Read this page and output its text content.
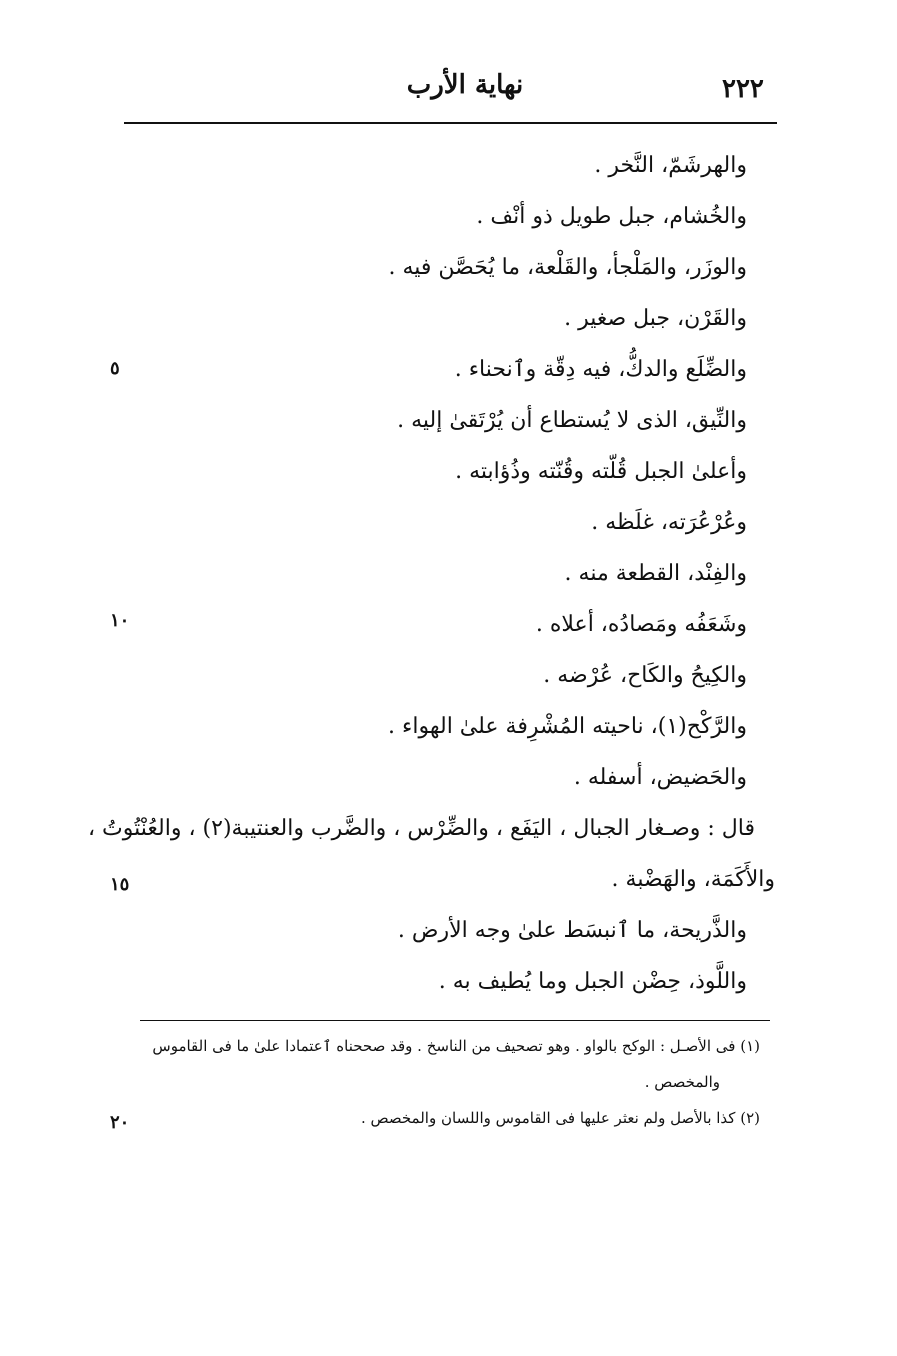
٢٢٢
نهاية الأرب
والهرشَمّ، النَّخر .
والخُشام، جبل طويل ذو أنْف .
والوزَر، والمَلْجأ، والقَلْعة، ما يُحَصَّن فيه .
والقَرْن، جبل صغير .
والضِّلَع والدكُّ، فيه دِقّة وٱنحناء .
والنِّيق، الذى لا يُستطاع أن يُرْتَقىٰ إليه .
وأعلىٰ الجبل قُلّته وقُنّته وذُؤابته .
وعُرْعُرَته، غلَظه .
والفِنْد، القطعة منه .
وشَعَفُه ومَصادُه، أعلاه .
والكِيحُ والكَاح، عُرْضه .
والرَّكْح(١)، ناحيته المُشْرِفة علىٰ الهواء .
والحَضيض، أسفله .
قال : وصـغار الجبال ، اليَفَع ، والضِّرْس ، والضَّرب والعنتيبة(٢) ، والعُنْتُوتُ ،
والأَكَمَة، والهَضْبة .
والذَّريحة، ما ٱنبسَط علىٰ وجه الأرض .
واللَّوذ، حِضْن الجبل وما يُطيف به .
٥
١٠
١٥
٢٠
(١) فى الأصـل : الوكح بالواو . وهو تصحيف من الناسخ . وقد صححناه ٱعتمادا علىٰ ما فى القاموس
والمخصص .
(٢) كذا بالأصل ولم نعثر عليها فى القاموس واللسان والمخصص .
